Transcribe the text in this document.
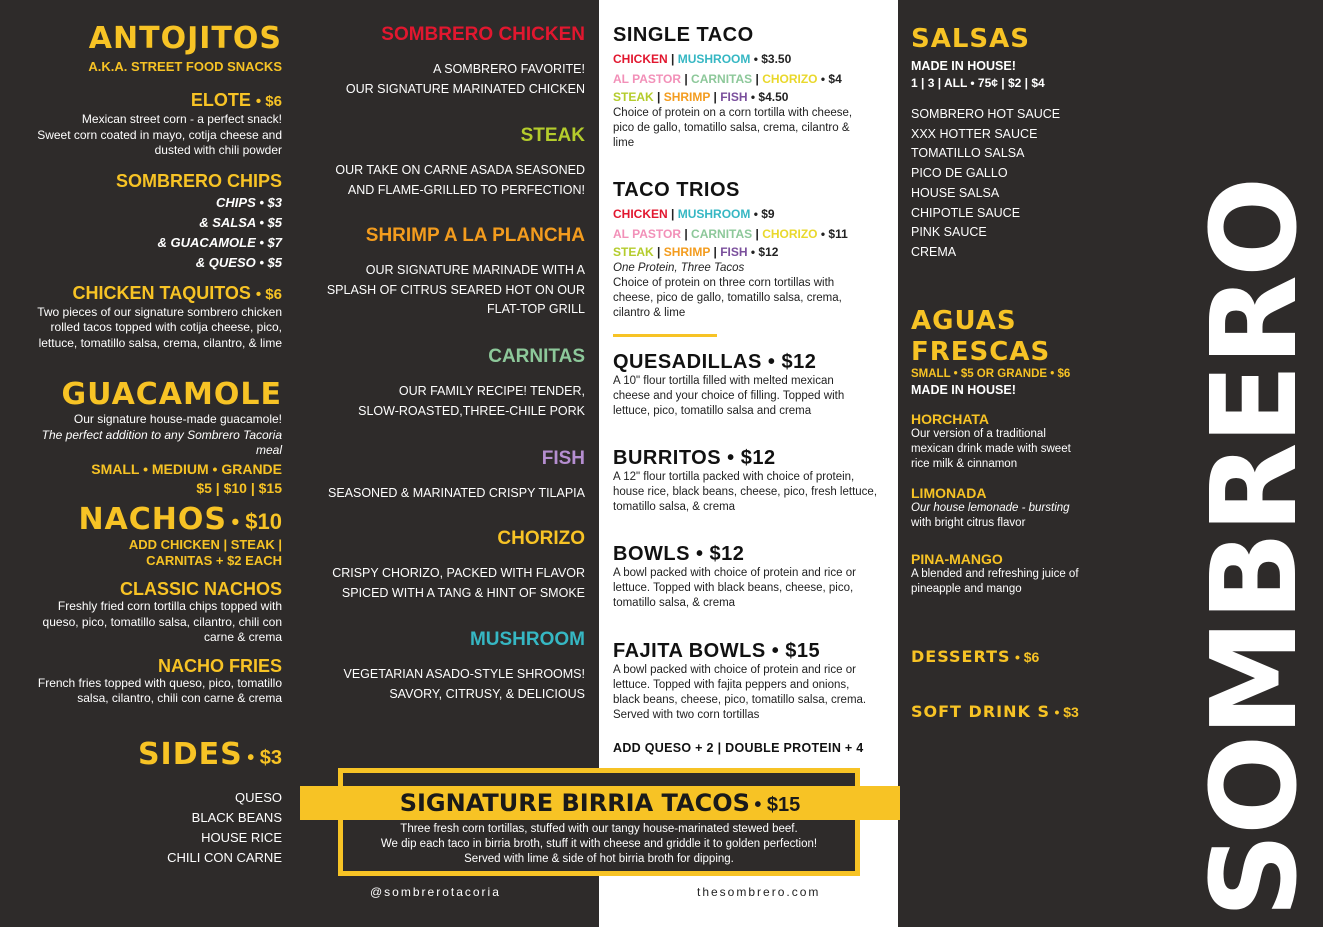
ANTOJITOS
A.K.A. STREET FOOD SNACKS
ELOTE • $6
Mexican street corn - a perfect snack!
Sweet corn coated in mayo, cotija cheese and
dusted with chili powder
SOMBRERO CHIPS
CHIPS • $3
& SALSA • $5
& GUACAMOLE • $7
& QUESO • $5
CHICKEN TAQUITOS • $6
Two pieces of our signature sombrero chicken
rolled tacos topped with cotija cheese, pico,
lettuce, tomatillo salsa, crema, cilantro, & lime
GUACAMOLE
Our signature house-made guacamole!
The perfect addition to any Sombrero Tacoria meal
SMALL • MEDIUM • GRANDE
$5 | $10 | $15
NACHOS • $10
ADD CHICKEN | STEAK |
CARNITAS + $2 EACH
CLASSIC NACHOS
Freshly fried corn tortilla chips topped with
queso, pico, tomatillo salsa, cilantro, chili con
carne & crema
NACHO FRIES
French fries topped with queso, pico, tomatillo
salsa, cilantro, chili con carne & crema
SIDES • $3
QUESO
BLACK BEANS
HOUSE RICE
CHILI CON CARNE
SOMBRERO CHICKEN
A SOMBRERO FAVORITE!
OUR SIGNATURE MARINATED CHICKEN
STEAK
OUR TAKE ON CARNE ASADA SEASONED
AND FLAME-GRILLED TO PERFECTION!
SHRIMP A LA PLANCHA
OUR SIGNATURE MARINADE WITH A
SPLASH OF CITRUS SEARED HOT ON OUR
FLAT-TOP GRILL
CARNITAS
OUR FAMILY RECIPE! TENDER,
SLOW-ROASTED,THREE-CHILE PORK
FISH
SEASONED & MARINATED CRISPY TILAPIA
CHORIZO
CRISPY CHORIZO, PACKED WITH FLAVOR
SPICED WITH A TANG & HINT OF SMOKE
MUSHROOM
VEGETARIAN ASADO-STYLE SHROOMS!
SAVORY, CITRUSY, & DELICIOUS
SINGLE TACO
CHICKEN | MUSHROOM • $3.50
AL PASTOR | CARNITAS | CHORIZO • $4
STEAK | SHRIMP | FISH • $4.50
Choice of protein on a corn tortilla with cheese,
pico de gallo, tomatillo salsa, crema, cilantro &
lime
TACO TRIOS
CHICKEN | MUSHROOM • $9
AL PASTOR | CARNITAS | CHORIZO • $11
STEAK | SHRIMP | FISH • $12
One Protein, Three Tacos
Choice of protein on three corn tortillas with
cheese, pico de gallo, tomatillo salsa, crema,
cilantro & lime
QUESADILLAS • $12
A 10" flour tortilla filled with melted mexican
cheese and your choice of filling. Topped with
lettuce, pico, tomatillo salsa and crema
BURRITOS • $12
A 12" flour tortilla packed with choice of protein,
house rice, black beans, cheese, pico, fresh lettuce,
tomatillo salsa, & crema
BOWLS • $12
A bowl packed with choice of protein and rice or
lettuce. Topped with black beans, cheese, pico,
tomatillo salsa, & crema
FAJITA BOWLS • $15
A bowl packed with choice of protein and rice or
lettuce. Topped with fajita peppers and onions,
black beans, cheese, pico, tomatillo salsa, crema.
Served with two corn tortillas
ADD QUESO + 2 | DOUBLE PROTEIN + 4
SALSAS
MADE IN HOUSE!
1 | 3 | ALL • 75¢ | $2 | $4
SOMBRERO HOT SAUCE
XXX HOTTER SAUCE
TOMATILLO SALSA
PICO DE GALLO
HOUSE SALSA
CHIPOTLE SAUCE
PINK SAUCE
CREMA
AGUAS
FRESCAS
SMALL • $5 OR GRANDE • $6
MADE IN HOUSE!
HORCHATA
Our version of a traditional
mexican drink made with sweet
rice milk & cinnamon
LIMONADA
Our house lemonade - bursting
with bright citrus flavor
PINA-MANGO
A blended and refreshing juice of
pineapple and mango
DESSERTS • $6
SOFT DRINK S • $3 SOMBRERO
SIGNATURE BIRRIA TACOS • $15
Three fresh corn tortillas, stuffed with our tangy house-marinated stewed beef.
We dip each taco in birria broth, stuff it with cheese and griddle it to golden perfection!
Served with lime & side of hot birria broth for dipping.
@sombrerotacoria	thesombrero.com
